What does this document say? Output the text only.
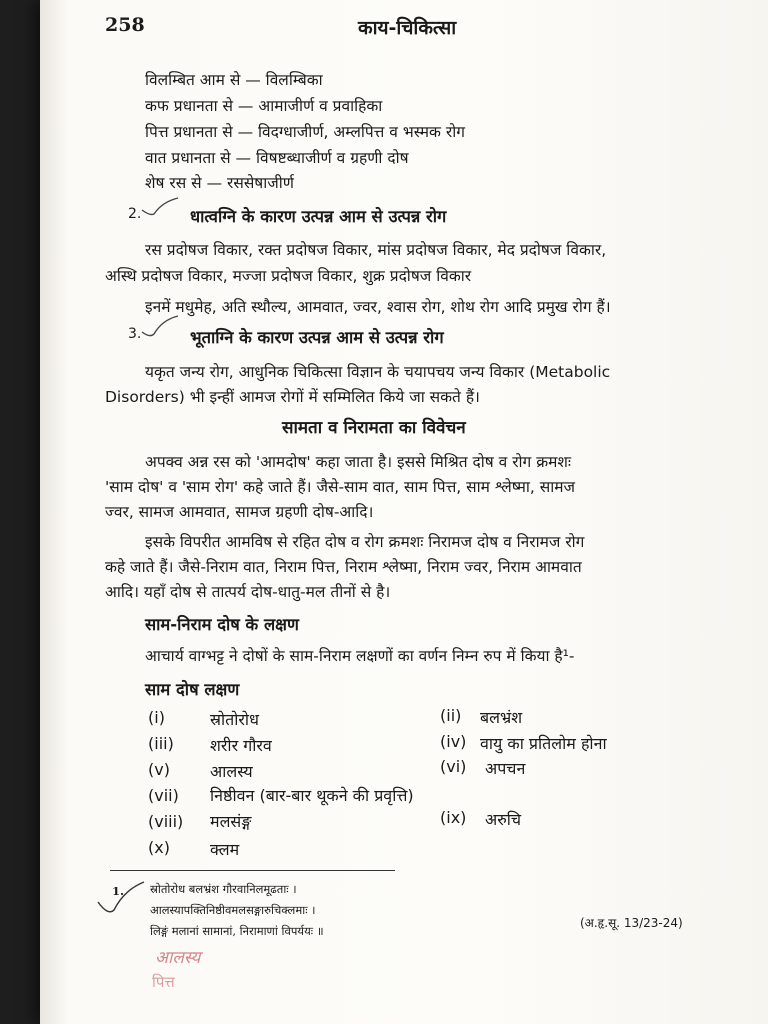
258	काय-चिकित्सा
विलम्बित आम से — विलम्बिका
कफ प्रधानता से — आमाजीर्ण व प्रवाहिका
पित्त प्रधानता से — विदग्धाजीर्ण, अम्लपित्त व भस्मक रोग
वात प्रधानता से — विषष्टब्धाजीर्ण व ग्रहणी दोष
शेष रस से — रससेषाजीर्ण
2.	धात्वग्नि के कारण उत्पन्न आम से उत्पन्न रोग
रस प्रदोषज विकार, रक्त प्रदोषज विकार, मांस प्रदोषज विकार, मेद प्रदोषज विकार,
अस्थि प्रदोषज विकार, मज्जा प्रदोषज विकार, शुक्र प्रदोषज विकार
इनमें मधुमेह, अति स्थौल्य, आमवात, ज्वर, श्वास रोग, शोथ रोग आदि प्रमुख रोग हैं।
3.	भूताग्नि के कारण उत्पन्न आम से उत्पन्न रोग
यकृत जन्य रोग, आधुनिक चिकित्सा विज्ञान के चयापचय जन्य विकार (Metabolic
Disorders) भी इन्हीं आमज रोगों में सम्मिलित किये जा सकते हैं।
सामता व निरामता का विवेचन
अपक्व अन्न रस को 'आमदोष' कहा जाता है। इससे मिश्रित दोष व रोग क्रमशः
'साम दोष' व 'साम रोग' कहे जाते हैं। जैसे-साम वात, साम पित्त, साम श्लेष्मा, सामज
ज्वर, सामज आमवात, सामज ग्रहणी दोष-आदि।
इसके विपरीत आमविष से रहित दोष व रोग क्रमशः निरामज दोष व निरामज रोग
कहे जाते हैं। जैसे-निराम वात, निराम पित्त, निराम श्लेष्मा, निराम ज्वर, निराम आमवात
आदि। यहाँ दोष से तात्पर्य दोष-धातु-मल तीनों से है।
साम-निराम दोष के लक्षण
आचार्य वाग्भट्ट ने दोषों के साम-निराम लक्षणों का वर्णन निम्न रुप में किया है¹-
साम दोष लक्षण
(i)	स्रोतोरोध	(ii) बलभ्रंश
(iii) शरीर गौरव	(iv) वायु का प्रतिलोम होना
(v)	आलस्य	(vi) अपचन
(vii) निष्ठीवन (बार-बार थूकने की प्रवृत्ति)
(viii) मलसंङ्ग	(ix) अरुचि
(x)	क्लम
1. स्रोतोरोध बलभ्रंश गौरवानिलमूढताः ।
आलस्यापक्तिनिष्ठीवमलसङ्गारुचिक्लमाः ।
लिङ्गं मलानां सामानां, निरामाणां विपर्ययः ॥
(अ.हृ.सू. 13/23-24)
आलस्य
पित्त
